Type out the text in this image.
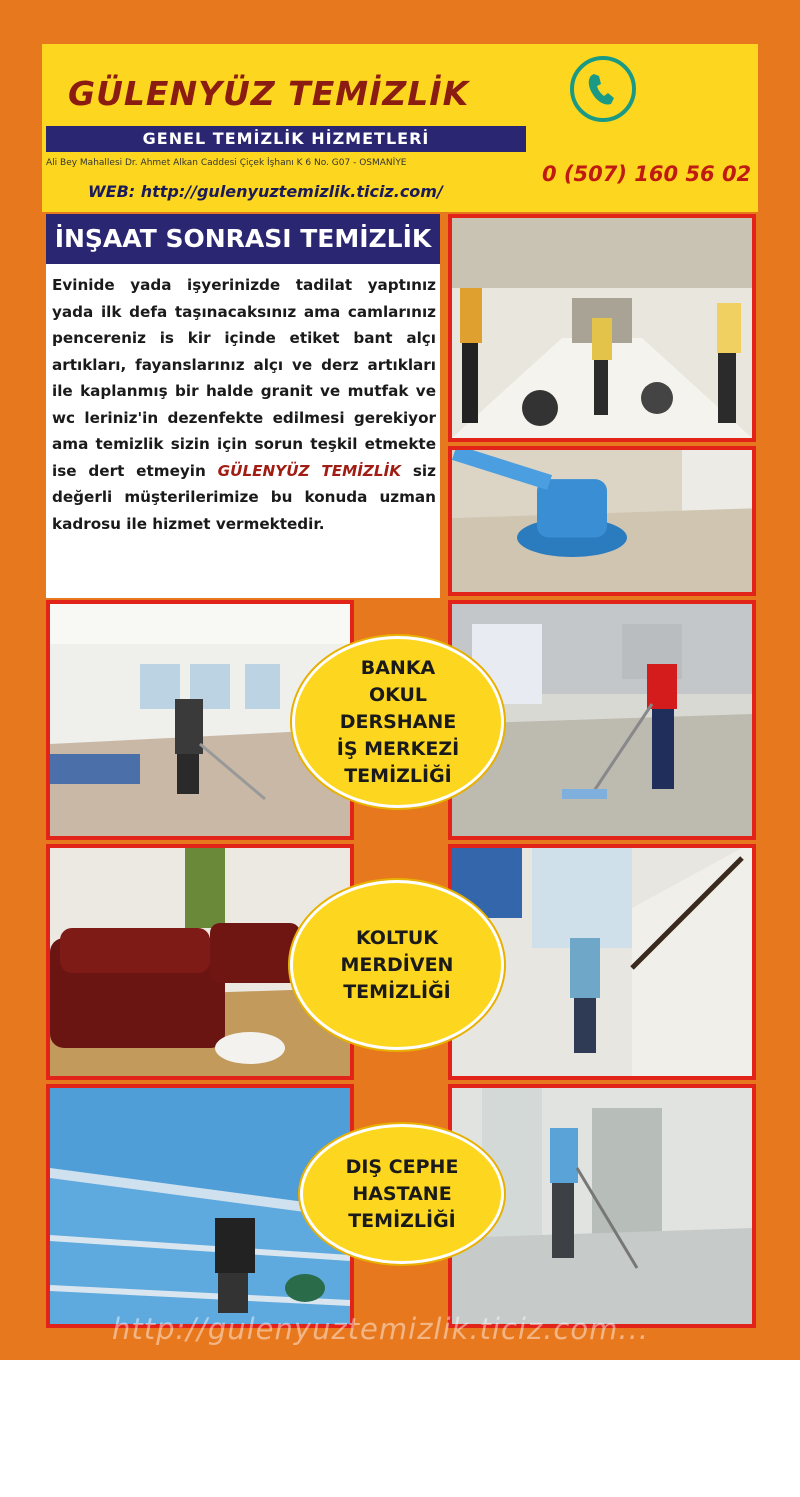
GÜLENYÜZ TEMİZLİK
GENEL TEMİZLİK HİZMETLERİ
Ali Bey Mahallesi Dr. Ahmet Alkan Caddesi Çiçek İşhanı K 6 No. G07 - OSMANİYE
WEB: http://gulenyuztemizlik.ticiz.com/
0 (507) 160 56 02
İNŞAAT SONRASI TEMİZLİK
Evinide yada işyerinizde tadilat yaptınız yada ilk defa taşınacaksınız ama camlarınız pencereniz is kir içinde etiket bant alçı artıkları, fayanslarınız alçı ve derz artıkları ile kaplanmış bir halde granit ve mutfak ve wc leriniz'in dezenfekte edilmesi gerekiyor ama temizlik sizin için sorun teşkil etmekte ise dert etmeyin GÜLENYÜZ TEMİZLİK siz değerli müşterilerimize bu konuda uzman kadrosu ile hizmet vermektedir.
BANKA
OKUL
DERSHANE
İŞ MERKEZİ
TEMİZLİĞİ
KOLTUK
MERDİVEN
TEMİZLİĞİ
DIŞ CEPHE
HASTANE
TEMİZLİĞİ
http://gulenyuztemizlik.ticiz.com...
